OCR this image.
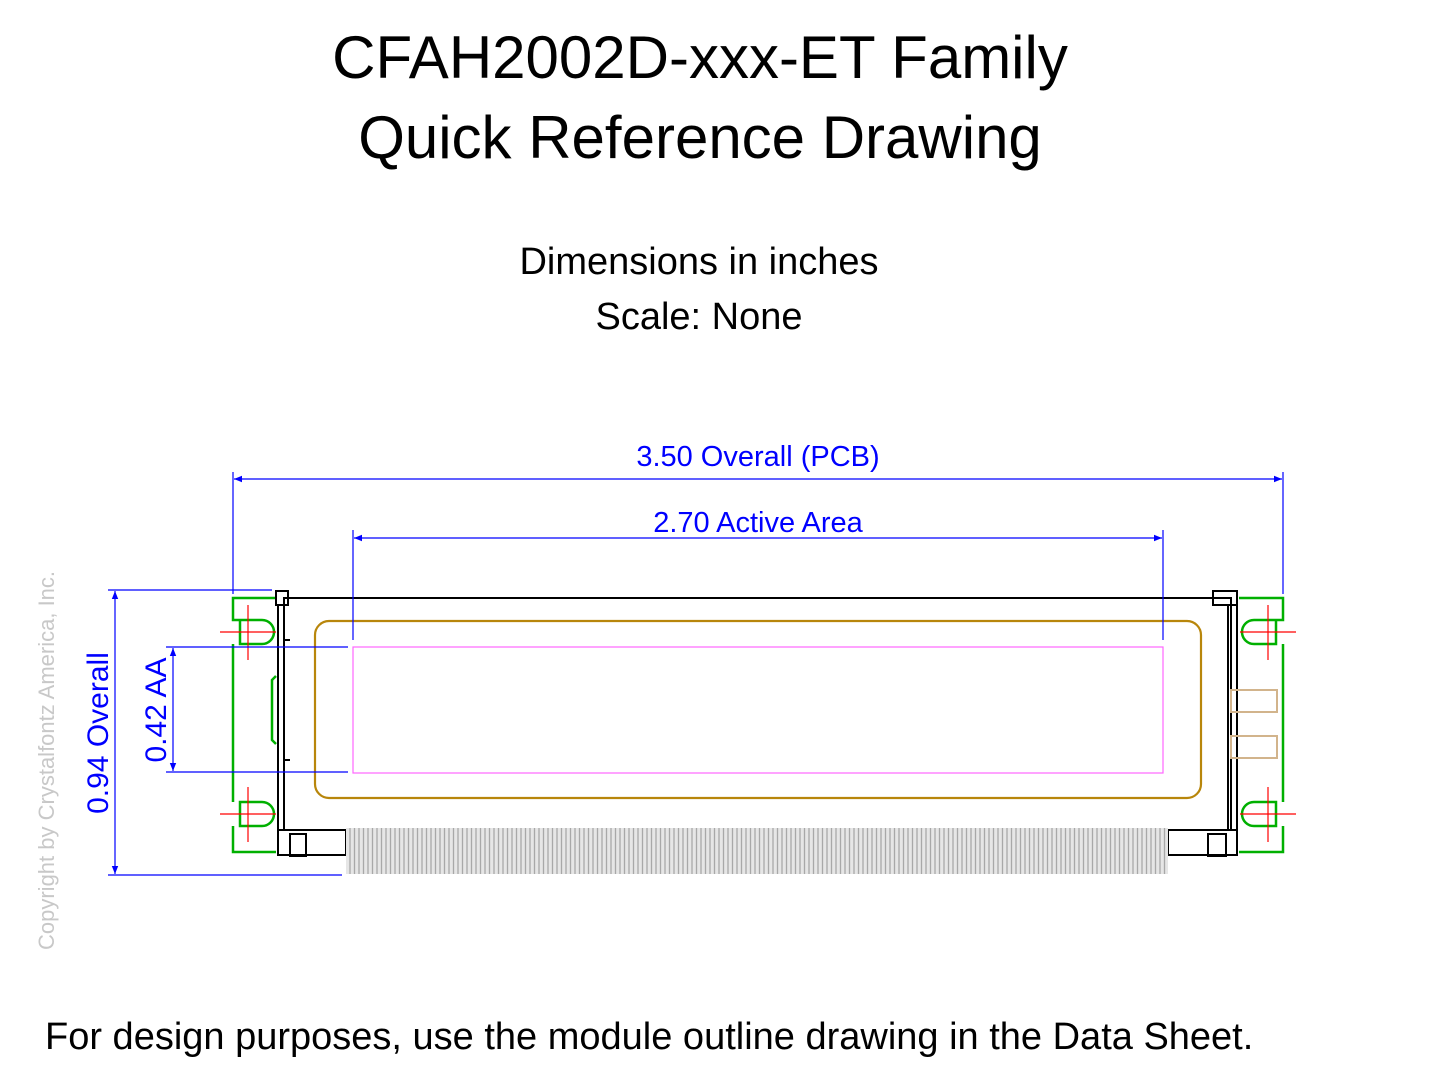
CFAH2002D-xxx-ET Family
Quick Reference Drawing
Dimensions in inches
Scale: None
Copyright by Crystalfontz America, Inc.
For design purposes, use the module outline drawing in the Data Sheet.
3.50 Overall (PCB)
2.70 Active Area
0.94 Overall 0.42 AA
